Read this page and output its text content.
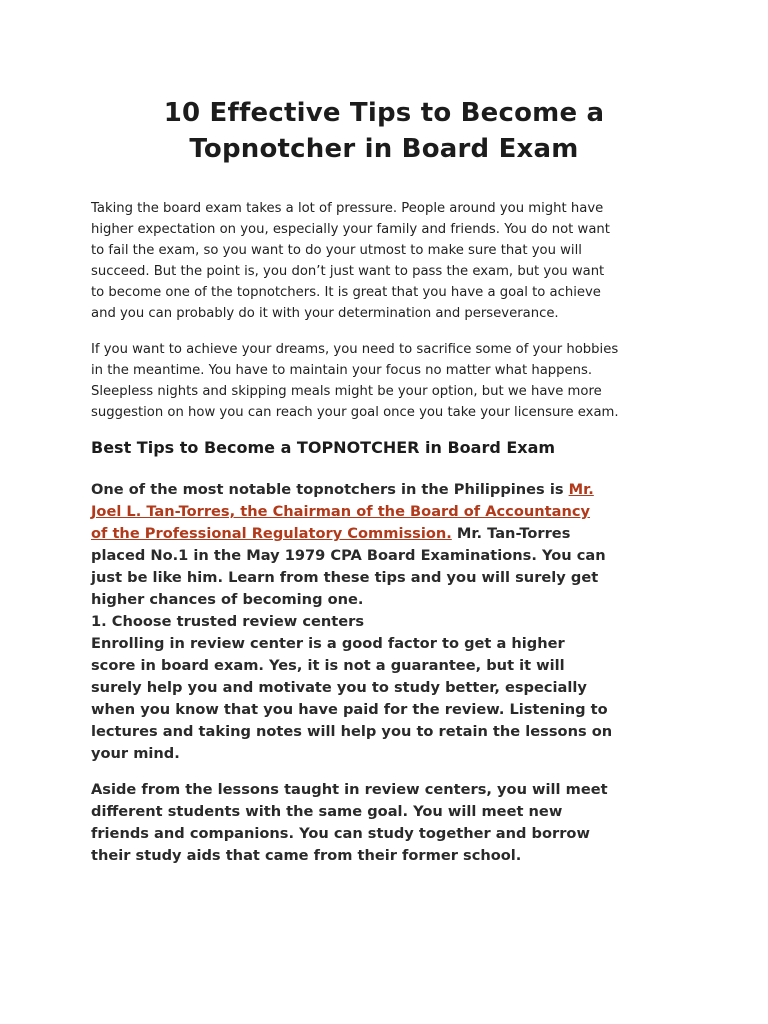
10 Effective Tips to Become a
Topnotcher in Board Exam

Taking the board exam takes a lot of pressure. People around you might have
higher expectation on you, especially your family and friends. You do not want
to fail the exam, so you want to do your utmost to make sure that you will
succeed. But the point is, you don’t just want to pass the exam, but you want
to become one of the topnotchers. It is great that you have a goal to achieve
and you can probably do it with your determination and perseverance.

If you want to achieve your dreams, you need to sacrifice some of your hobbies
in the meantime. You have to maintain your focus no matter what happens.
Sleepless nights and skipping meals might be your option, but we have more
suggestion on how you can reach your goal once you take your licensure exam.

Best Tips to Become a TOPNOTCHER in Board Exam

One of the most notable topnotchers in the Philippines is Mr.
Joel L. Tan-Torres, the Chairman of the Board of Accountancy
of the Professional Regulatory Commission. Mr. Tan-Torres
placed No.1 in the May 1979 CPA Board Examinations. You can
just be like him. Learn from these tips and you will surely get
higher chances of becoming one.
1. Choose trusted review centers
Enrolling in review center is a good factor to get a higher
score in board exam. Yes, it is not a guarantee, but it will
surely help you and motivate you to study better, especially
when you know that you have paid for the review. Listening to
lectures and taking notes will help you to retain the lessons on
your mind.

Aside from the lessons taught in review centers, you will meet
different students with the same goal. You will meet new
friends and companions. You can study together and borrow
their study aids that came from their former school.
